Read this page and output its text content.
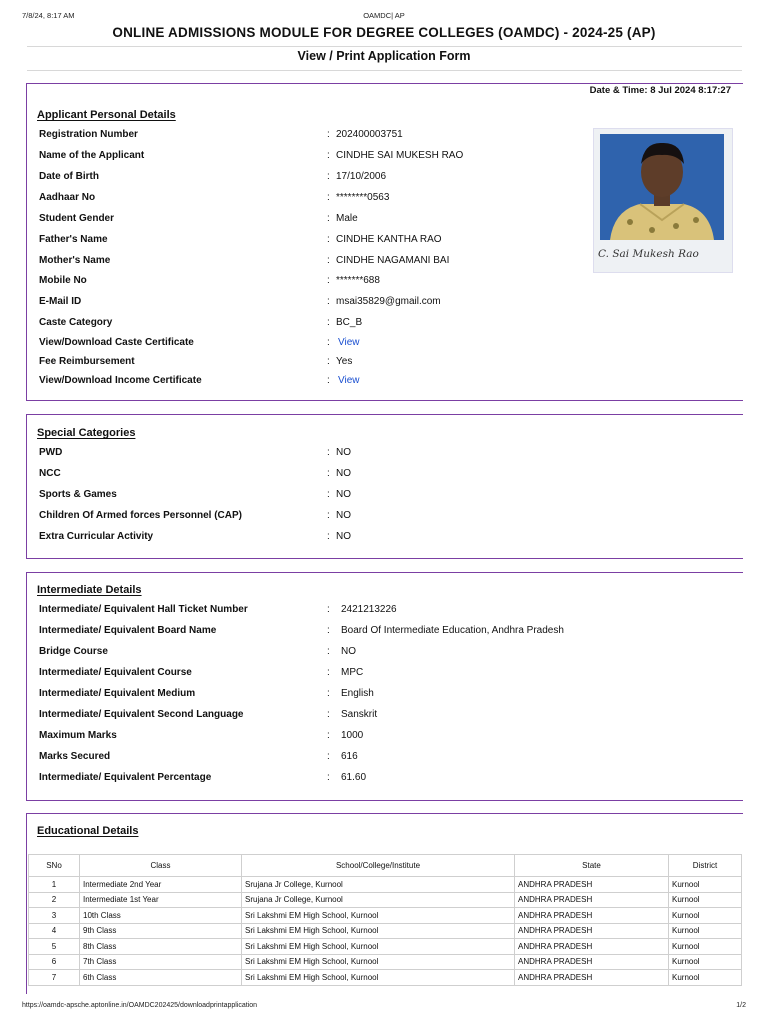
7/8/24, 8:17 AM	OAMDC| AP
ONLINE ADMISSIONS MODULE FOR DEGREE COLLEGES (OAMDC) - 2024-25 (AP)
View / Print Application Form
Date & Time: 8 Jul 2024 8:17:27
Applicant Personal Details
Registration Number	: 202400003751
Name of the Applicant	: CINDHE SAI MUKESH RAO
Date of Birth	: 17/10/2006
Aadhaar No	: ********0563
Student Gender	: Male
Father's Name	: CINDHE KANTHA RAO
Mother's Name	: CINDHE NAGAMANI BAI
Mobile No	: *******688
E-Mail ID	: msai35829@gmail.com
Caste Category	: BC_B
View/Download Caste Certificate	: View
Fee Reimbursement	: Yes
View/Download Income Certificate	: View
C. Sai Mukesh Rao
Special Categories
PWD	: NO
NCC	: NO
Sports & Games	: NO
Children Of Armed forces Personnel (CAP)	: NO
Extra Curricular Activity	: NO
Intermediate Details
Intermediate/ Equivalent Hall Ticket Number	: 2421213226
Intermediate/ Equivalent Board Name	: Board Of Intermediate Education, Andhra Pradesh
Bridge Course	: NO
Intermediate/ Equivalent Course	: MPC
Intermediate/ Equivalent Medium	: English
Intermediate/ Equivalent Second Language	: Sanskrit
Maximum Marks	: 1000
Marks Secured	: 616
Intermediate/ Equivalent Percentage	: 61.60
Educational Details
SNo	Class	School/College/Institute	State	District
1	Intermediate 2nd Year	Srujana Jr College, Kurnool	ANDHRA PRADESH	Kurnool
2	Intermediate 1st Year	Srujana Jr College, Kurnool	ANDHRA PRADESH	Kurnool
3	10th Class	Sri Lakshmi EM High School, Kurnool	ANDHRA PRADESH	Kurnool
4	9th Class	Sri Lakshmi EM High School, Kurnool	ANDHRA PRADESH	Kurnool
5	8th Class	Sri Lakshmi EM High School, Kurnool	ANDHRA PRADESH	Kurnool
6	7th Class	Sri Lakshmi EM High School, Kurnool	ANDHRA PRADESH	Kurnool
7	6th Class	Sri Lakshmi EM High School, Kurnool	ANDHRA PRADESH	Kurnool
https://oamdc-apsche.aptonline.in/OAMDC202425/downloadprintapplication	1/2
